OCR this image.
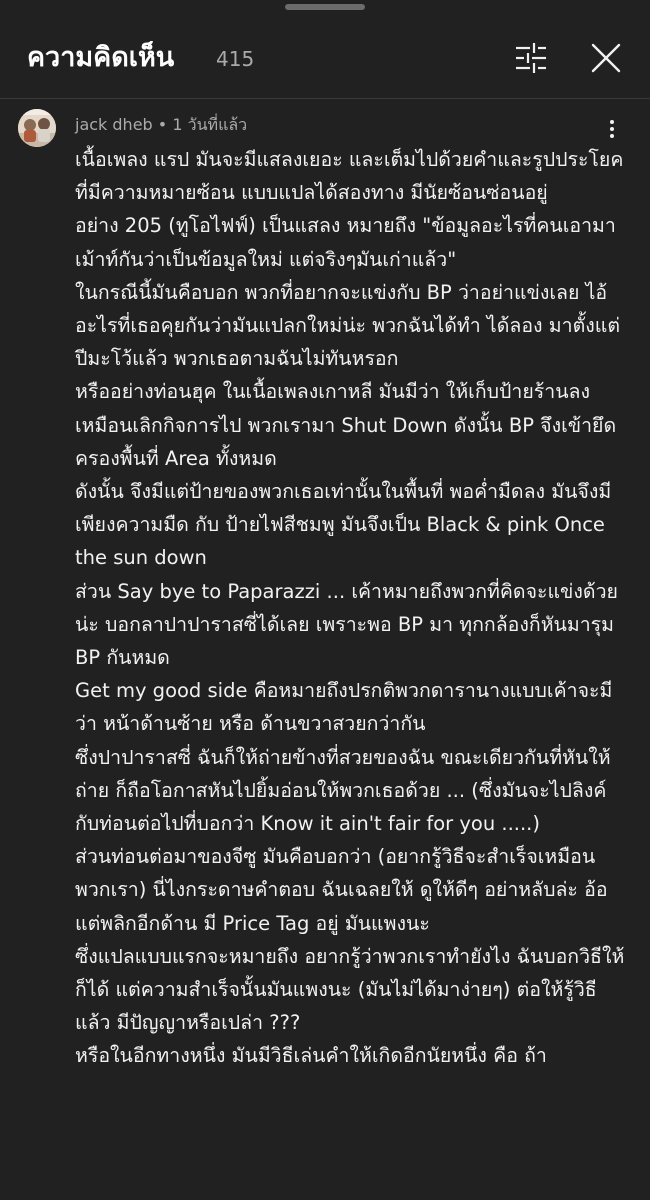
ความคิดเห็น 415
jack dheb • 1 วันที่แล้ว

เนื้อเพลง แรป มันจะมีแสลงเยอะ และเต็มไปด้วยคำและรูปประโยคที่มีความหมายซ้อน แบบแปลได้สองทาง มีนัยซ้อนซ่อนอยู่

อย่าง 205 (ทูโอไฟฟ์) เป็นแสลง หมายถึง "ข้อมูลอะไรที่คนเอามาเม้าท์กันว่าเป็นข้อมูลใหม่ แต่จริงๆมันเก่าแล้ว"

ในกรณีนี้มันคือบอก พวกที่อยากจะแข่งกับ BP ว่าอย่าแข่งเลย ไอ้อะไรที่เธอคุยกันว่ามันแปลกใหม่น่ะ พวกฉันได้ทำ ได้ลอง มาตั้งแต่ปีมะโว้แล้ว พวกเธอตามฉันไม่ทันหรอก

หรืออย่างท่อนฮุค ในเนื้อเพลงเกาหลี มันมีว่า ให้เก็บป้ายร้านลง เหมือนเลิกกิจการไป พวกเรามา Shut Down ดังนั้น BP จึงเข้ายึดครองพื้นที่ Area ทั้งหมด

ดังนั้น จึงมีแต่ป้ายของพวกเธอเท่านั้นในพื้นที่ พอค่ำมืดลง มันจึงมีเพียงความมืด กับ ป้ายไฟสีชมพู มันจึงเป็น Black & pink Once the sun down

ส่วน Say bye to Paparazzi ... เค้าหมายถึงพวกที่คิดจะแข่งด้วยน่ะ บอกลาปาปาราสซี่ได้เลย เพราะพอ BP มา ทุกกล้องก็หันมารุม BP กันหมด

Get my good side คือหมายถึงปรกติพวกดารานางแบบเค้าจะมีว่า หน้าด้านซ้าย หรือ ด้านขวาสวยกว่ากัน

ซึ่งปาปาราสซี่ ฉันก็ให้ถ่ายข้างที่สวยของฉัน ขณะเดียวกันที่หันให้ถ่าย ก็ถือโอกาสหันไปยิ้มอ่อนให้พวกเธอด้วย ... (ซึ่งมันจะไปลิงค์กับท่อนต่อไปที่บอกว่า Know it ain't fair for you .....)

ส่วนท่อนต่อมาของจีซู มันคือบอกว่า (อยากรู้วิธีจะสำเร็จเหมือนพวกเรา) นี่ไงกระดาษคำตอบ ฉันเฉลยให้ ดูให้ดีๆ อย่าหลับล่ะ อ้อ แต่พลิกอีกด้าน มี Price Tag อยู่ มันแพงนะ

ซึ่งแปลแบบแรกจะหมายถึง อยากรู้ว่าพวกเราทำยังไง ฉันบอกวิธีให้ก็ได้ แต่ความสำเร็จนั้นมันแพงนะ (มันไม่ได้มาง่ายๆ) ต่อให้รู้วิธีแล้ว มีปัญญาหรือเปล่า ???

หรือในอีกทางหนึ่ง มันมีวิธีเล่นคำให้เกิดอีกนัยหนึ่ง คือ ถ้า
